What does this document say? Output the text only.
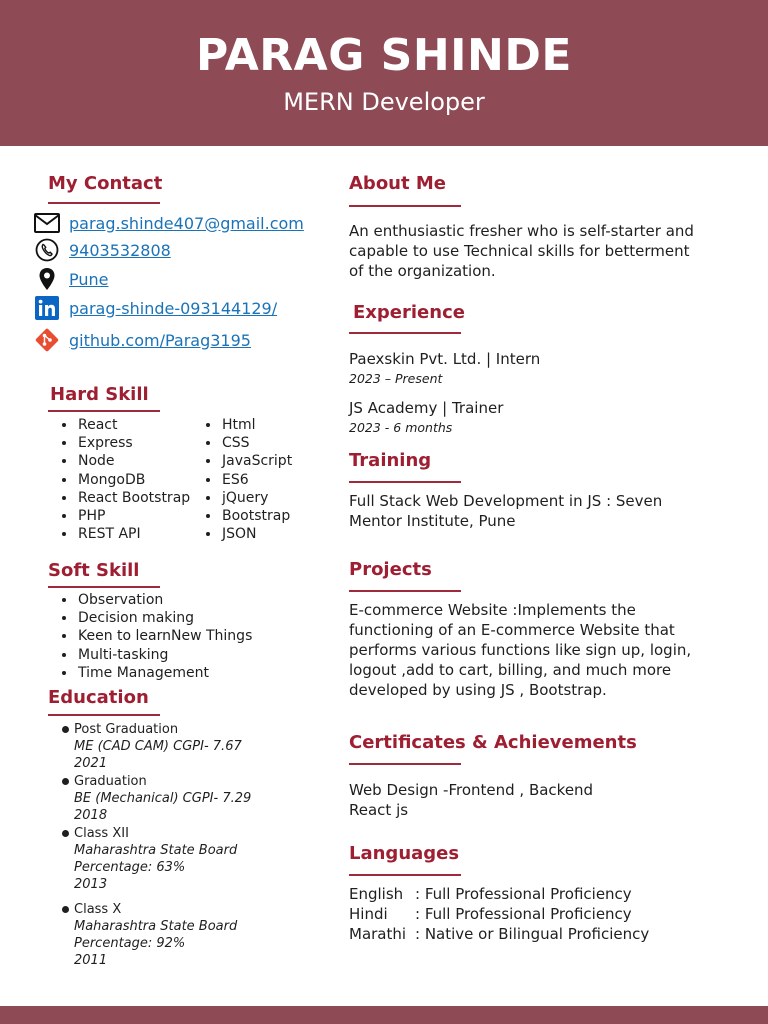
PARAG SHINDE
MERN Developer
My Contact
parag.shinde407@gmail.com
9403532808
Pune
parag-shinde-093144129/
github.com/Parag3195
Hard Skill
React
Express
Node
MongoDB
React Bootstrap
PHP
REST API
Html
CSS
JavaScript
ES6
jQuery
Bootstrap
JSON
Soft Skill
Observation
Decision making
Keen to learnNew Things
Multi-tasking
Time Management
Education
Post Graduation
ME (CAD CAM) CGPI- 7.67
2021
Graduation
BE (Mechanical) CGPI- 7.29
2018
Class XII
Maharashtra State Board
Percentage: 63%
2013
Class X
Maharashtra State Board
Percentage: 92%
2011
About Me
An enthusiastic fresher who is self-starter and
capable to use Technical skills for betterment
of the organization.
Experience
Paexskin Pvt. Ltd. | Intern
2023 – Present
JS Academy | Trainer
2023 - 6 months
Training
Full Stack Web Development in JS : Seven
Mentor Institute, Pune
Projects
E-commerce Website :Implements the
functioning of an E-commerce Website that
performs various functions like sign up, login,
logout ,add to cart, billing, and much more
developed by using JS , Bootstrap.
Certificates & Achievements
Web Design -Frontend , Backend
React js
Languages
English : Full Professional Proficiency
Hindi : Full Professional Proficiency
Marathi : Native or Bilingual Proficiency
